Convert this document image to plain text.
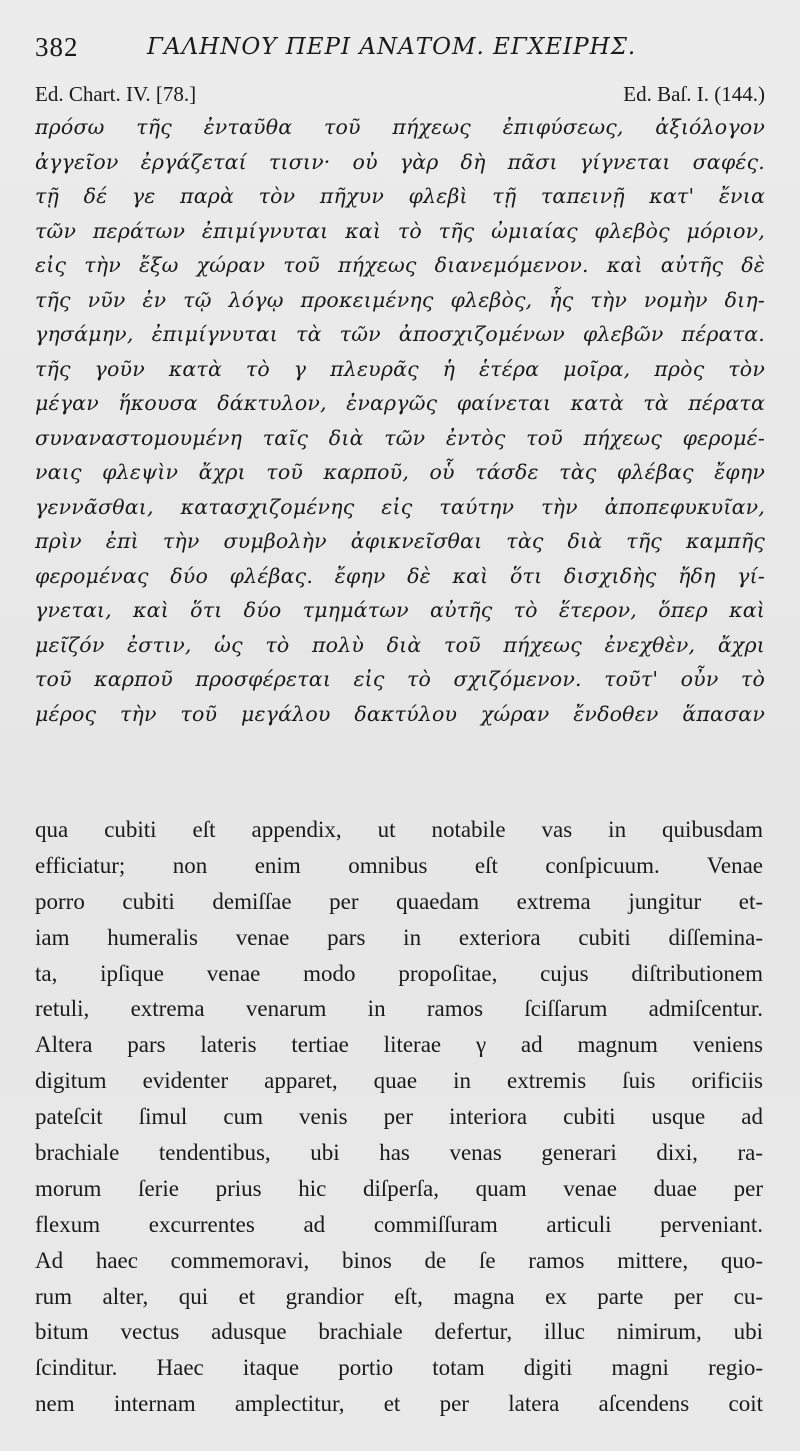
382	ΓΑΛΗΝΟΥ ΠΕΡΙ ΑΝΑΤΟΜ. ΕΓΧΕΙΡΗΣ.
Ed. Chart. IV. [78.]	Ed. Baſ. I. (144.)
πρόσω τῆς ἐνταῦθα τοῦ πήχεως ἐπιφύσεως, ἀξιόλογον
ἀγγεῖον ἐργάζεταί τισιν· οὐ γὰρ δὴ πᾶσι γίγνεται σαφές.
τῇ δέ γε παρὰ τὸν πῆχυν φλεβὶ τῇ ταπεινῇ κατ' ἔνια
τῶν περάτων ἐπιμίγνυται καὶ τὸ τῆς ὠμιαίας φλεβὸς μόριον,
εἰς τὴν ἔξω χώραν τοῦ πήχεως διανεμόμενον. καὶ αὐτῆς δὲ
τῆς νῦν ἐν τῷ λόγῳ προκειμένης φλεβὸς, ἧς τὴν νομὴν διη-
γησάμην, ἐπιμίγνυται τὰ τῶν ἀποσχιζομένων φλεβῶν πέρατα.
τῆς γοῦν κατὰ τὸ γ πλευρᾶς ἡ ἑτέρα μοῖρα, πρὸς τὸν
μέγαν ἥκουσα δάκτυλον, ἐναργῶς φαίνεται κατὰ τὰ πέρατα
συναναστομουμένη ταῖς διὰ τῶν ἐντὸς τοῦ πήχεως φερομέ-
ναις φλεψὶν ἄχρι τοῦ καρποῦ, οὗ τάσδε τὰς φλέβας ἔφην
γεννᾶσθαι, κατασχιζομένης εἰς ταύτην τὴν ἀποπεφυκυῖαν,
πρὶν ἐπὶ τὴν συμβολὴν ἀφικνεῖσθαι τὰς διὰ τῆς καμπῆς
φερομένας δύο φλέβας. ἔφην δὲ καὶ ὅτι δισχιδὴς ἤδη γί-
γνεται, καὶ ὅτι δύο τμημάτων αὐτῆς τὸ ἕτερον, ὅπερ καὶ
μεῖζόν ἐστιν, ὡς τὸ πολὺ διὰ τοῦ πήχεως ἐνεχθὲν, ἄχρι
τοῦ καρποῦ προσφέρεται εἰς τὸ σχιζόμενον. τοῦτ' οὖν τὸ
μέρος τὴν τοῦ μεγάλου δακτύλου χώραν ἔνδοθεν ἅπασαν
qua cubiti eſt appendix, ut notabile vas in quibusdam
efficiatur; non enim omnibus eſt conſpicuum. Venae
porro cubiti demiſſae per quaedam extrema jungitur et-
iam humeralis venae pars in exteriora cubiti diſſemina-
ta, ipſique venae modo propoſitae, cujus diſtributionem
retuli, extrema venarum in ramos ſciſſarum admiſcentur.
Altera pars lateris tertiae literae γ ad magnum veniens
digitum evidenter apparet, quae in extremis ſuis orificiis
pateſcit ſimul cum venis per interiora cubiti usque ad
brachiale tendentibus, ubi has venas generari dixi, ra-
morum ſerie prius hic diſperſa, quam venae duae per
flexum excurrentes ad commiſſuram articuli perveniant.
Ad haec commemoravi, binos de ſe ramos mittere, quo-
rum alter, qui et grandior eſt, magna ex parte per cu-
bitum vectus adusque brachiale defertur, illuc nimirum, ubi
ſcinditur. Haec itaque portio totam digiti magni regio-
nem internam amplectitur, et per latera aſcendens coit
